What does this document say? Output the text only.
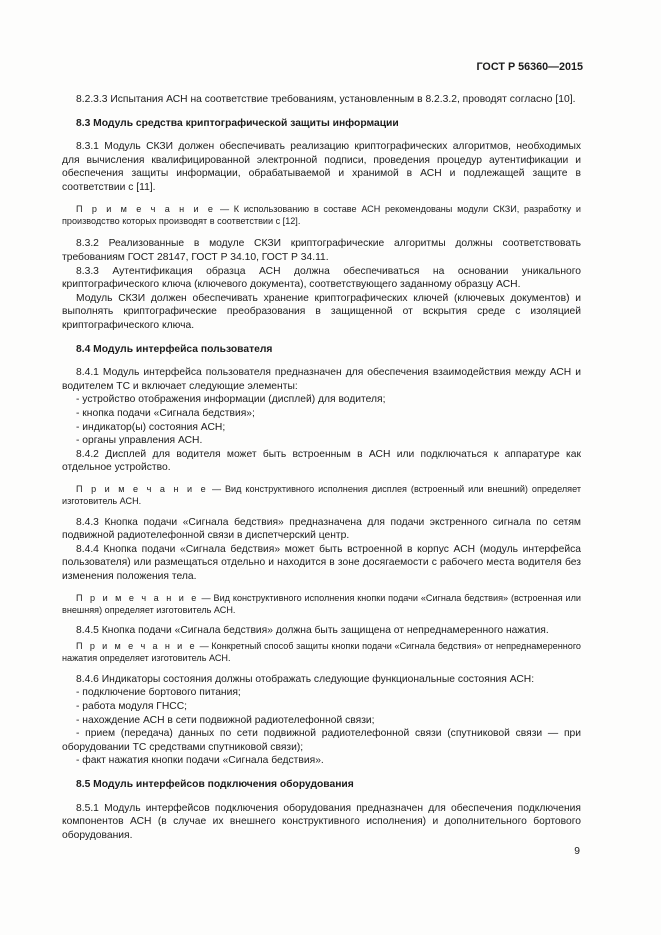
ГОСТ Р 56360—2015

8.2.3.3 Испытания АСН на соответствие требованиям, установленным в 8.2.3.2, проводят согласно [10].

8.3 Модуль средства криптографической защиты информации

8.3.1 Модуль СКЗИ должен обеспечивать реализацию криптографических алгоритмов, необходимых для вычисления квалифицированной электронной подписи, проведения процедур аутентификации и обеспечения защиты информации, обрабатываемой и хранимой в АСН и подлежащей защите в соответствии с [11].

П р и м е ч а н и е — К использованию в составе АСН рекомендованы модули СКЗИ, разработку и производство которых производят в соответствии с [12].

8.3.2 Реализованные в модуле СКЗИ криптографические алгоритмы должны соответствовать требованиям ГОСТ 28147, ГОСТ Р 34.10, ГОСТ Р 34.11.

8.3.3 Аутентификация образца АСН должна обеспечиваться на основании уникального криптографического ключа (ключевого документа), соответствующего заданному образцу АСН.

Модуль СКЗИ должен обеспечивать хранение криптографических ключей (ключевых документов) и выполнять криптографические преобразования в защищенной от вскрытия среде с изоляцией криптографического ключа.

8.4 Модуль интерфейса пользователя

8.4.1 Модуль интерфейса пользователя предназначен для обеспечения взаимодействия между АСН и водителем ТС и включает следующие элементы:

- устройство отображения информации (дисплей) для водителя;

- кнопка подачи «Сигнала бедствия»;

- индикатор(ы) состояния АСН;

- органы управления АСН.

8.4.2 Дисплей для водителя может быть встроенным в АСН или подключаться к аппаратуре как отдельное устройство.

П р и м е ч а н и е — Вид конструктивного исполнения дисплея (встроенный или внешний) определяет изготовитель АСН.

8.4.3 Кнопка подачи «Сигнала бедствия» предназначена для подачи экстренного сигнала по сетям подвижной радиотелефонной связи в диспетчерский центр.

8.4.4 Кнопка подачи «Сигнала бедствия» может быть встроенной в корпус АСН (модуль интерфейса пользователя) или размещаться отдельно и находится в зоне досягаемости с рабочего места водителя без изменения положения тела.

П р и м е ч а н и е — Вид конструктивного исполнения кнопки подачи «Сигнала бедствия» (встроенная или внешняя) определяет изготовитель АСН.

8.4.5 Кнопка подачи «Сигнала бедствия» должна быть защищена от непреднамеренного нажатия.

П р и м е ч а н и е — Конкретный способ защиты кнопки подачи «Сигнала бедствия» от непреднамеренного нажатия определяет изготовитель АСН.

8.4.6 Индикаторы состояния должны отображать следующие функциональные состояния АСН:

- подключение бортового питания;

- работа модуля ГНСС;

- нахождение АСН в сети подвижной радиотелефонной связи;

- прием (передача) данных по сети подвижной радиотелефонной связи (спутниковой связи — при оборудовании ТС средствами спутниковой связи);

- факт нажатия кнопки подачи «Сигнала бедствия».

8.5 Модуль интерфейсов подключения оборудования

8.5.1 Модуль интерфейсов подключения оборудования предназначен для обеспечения подключения компонентов АСН (в случае их внешнего конструктивного исполнения) и дополнительного бортового оборудования.

9
